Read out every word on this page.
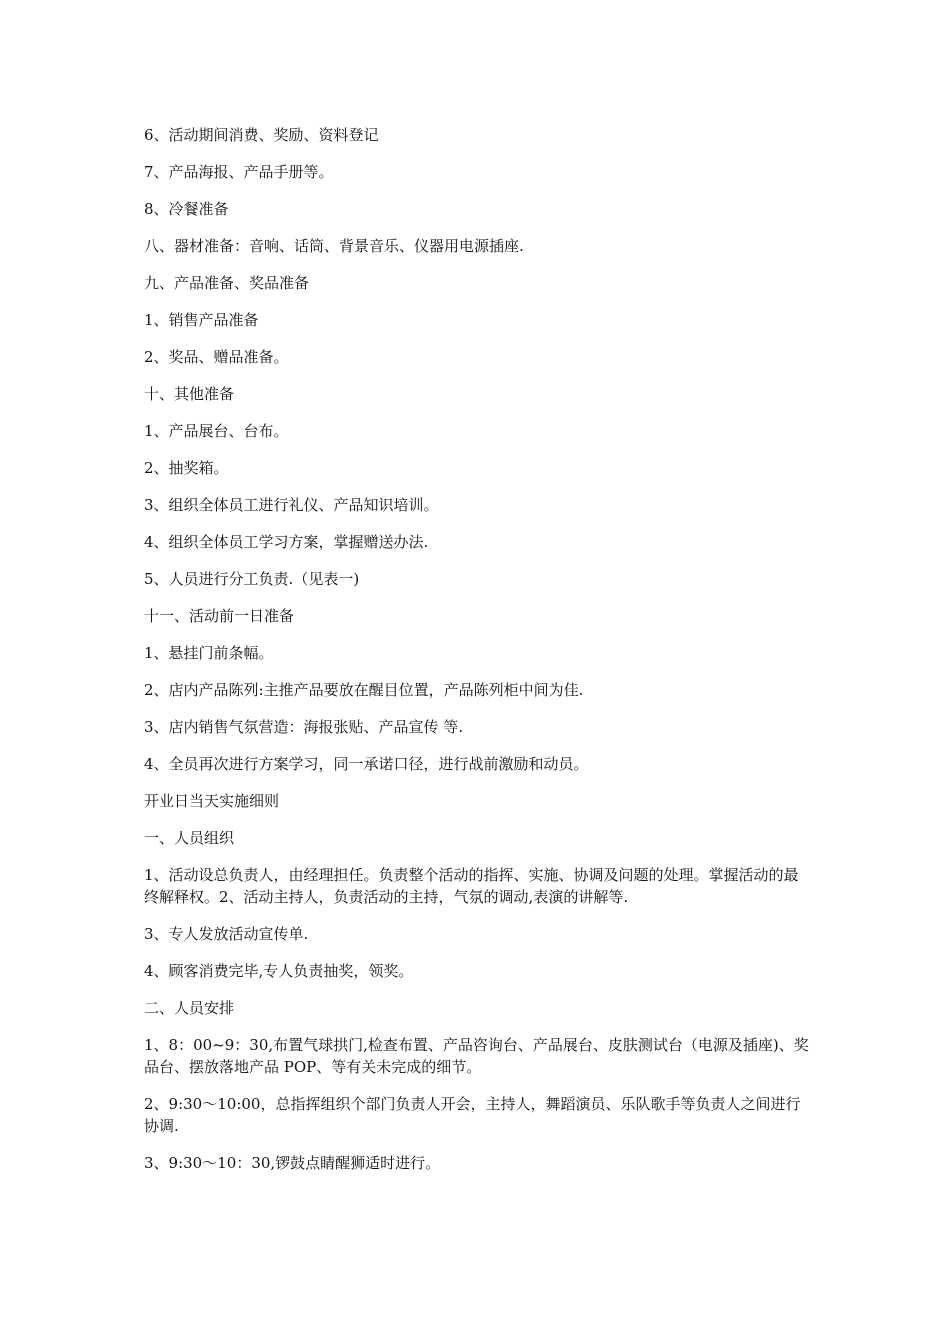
6、活动期间消费、奖励、资料登记

7、产品海报、产品手册等。

8、冷餐准备

八、器材准备：音响、话筒、背景音乐、仪器用电源插座.

九、产品准备、奖品准备

1、销售产品准备

2、奖品、赠品准备。

十、其他准备

1、产品展台、台布。

2、抽奖箱。

3、组织全体员工进行礼仪、产品知识培训。

4、组织全体员工学习方案，掌握赠送办法.

5、人员进行分工负责.（见表一)

十一、活动前一日准备

1、悬挂门前条幅。

2、店内产品陈列:主推产品要放在醒目位置，产品陈列柜中间为佳.

3、店内销售气氛营造：海报张贴、产品宣传 等.

4、全员再次进行方案学习，同一承诺口径，进行战前激励和动员。

开业日当天实施细则

一、人员组织

1、活动设总负责人，由经理担任。负责整个活动的指挥、实施、协调及问题的处理。掌握活动的最终解释权。2、活动主持人，负责活动的主持，气氛的调动,表演的讲解等.

3、专人发放活动宣传单.

4、顾客消费完毕,专人负责抽奖，领奖。

二、人员安排

1、8：00~9：30,布置气球拱门,检查布置、产品咨询台、产品展台、皮肤测试台（电源及插座)、奖品台、摆放落地产品 POP、等有关未完成的细节。

2、9:30～10:00，总指挥组织个部门负责人开会，主持人，舞蹈演员、乐队歌手等负责人之间进行协调.

3、9:30～10：30,锣鼓点睛醒狮适时进行。
